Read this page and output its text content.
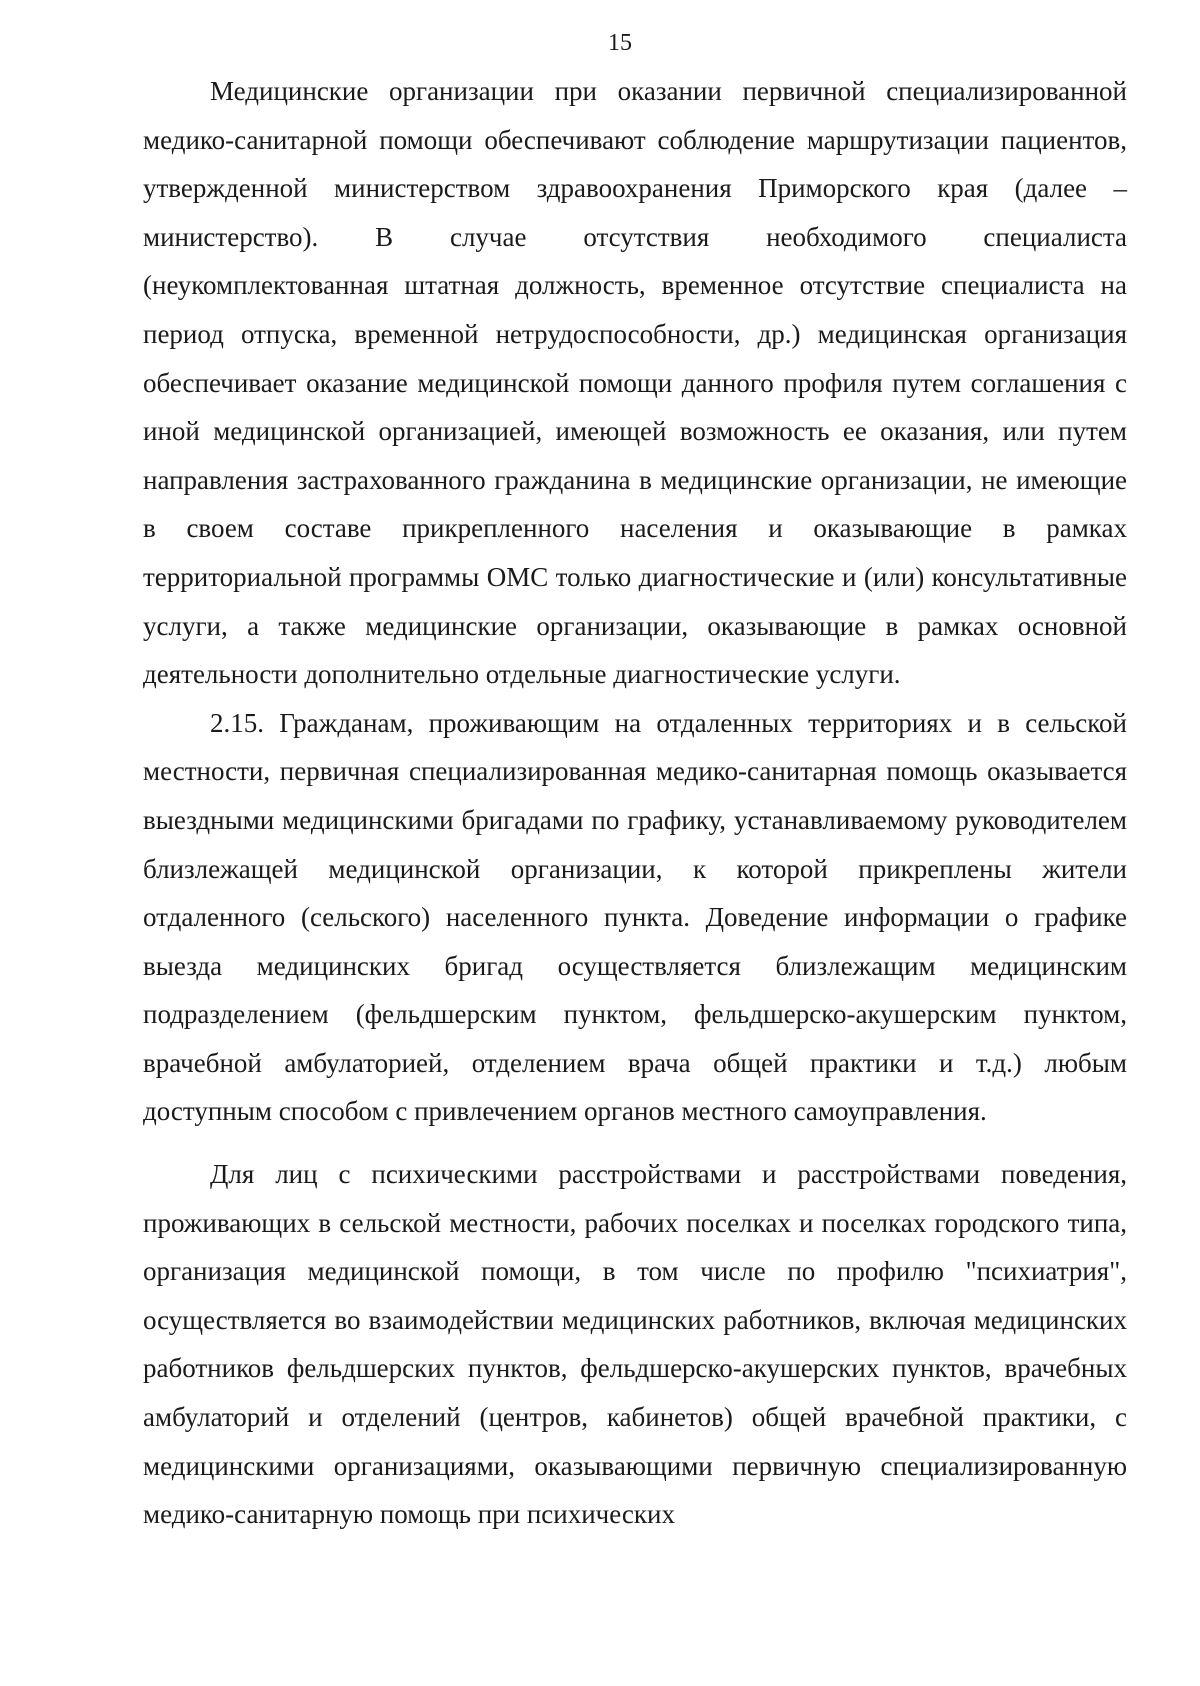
15

Медицинские организации при оказании первичной специализированной медико-санитарной помощи обеспечивают соблюдение маршрутизации пациентов, утвержденной министерством здравоохранения Приморского края (далее – министерство). В случае отсутствия необходимого специалиста (неукомплектованная штатная должность, временное отсутствие специалиста на период отпуска, временной нетрудоспособности, др.) медицинская организация обеспечивает оказание медицинской помощи данного профиля путем соглашения с иной медицинской организацией, имеющей возможность ее оказания, или путем направления застрахованного гражданина в медицинские организации, не имеющие в своем составе прикрепленного населения и оказывающие в рамках территориальной программы ОМС только диагностические и (или) консультативные услуги, а также медицинские организации, оказывающие в рамках основной деятельности дополнительно отдельные диагностические услуги.

2.15. Гражданам, проживающим на отдаленных территориях и в сельской местности, первичная специализированная медико-санитарная помощь оказывается выездными медицинскими бригадами по графику, устанавливаемому руководителем близлежащей медицинской организации, к которой прикреплены жители отдаленного (сельского) населенного пункта. Доведение информации о графике выезда медицинских бригад осуществляется близлежащим медицинским подразделением (фельдшерским пунктом, фельдшерско-акушерским пунктом, врачебной амбулаторией, отделением врача общей практики и т.д.) любым доступным способом с привлечением органов местного самоуправления.

Для лиц с психическими расстройствами и расстройствами поведения, проживающих в сельской местности, рабочих поселках и поселках городского типа, организация медицинской помощи, в том числе по профилю "психиатрия", осуществляется во взаимодействии медицинских работников, включая медицинских работников фельдшерских пунктов, фельдшерско-акушерских пунктов, врачебных амбулаторий и отделений (центров, кабинетов) общей врачебной практики, с медицинскими организациями, оказывающими первичную специализированную медико-санитарную помощь при психических
